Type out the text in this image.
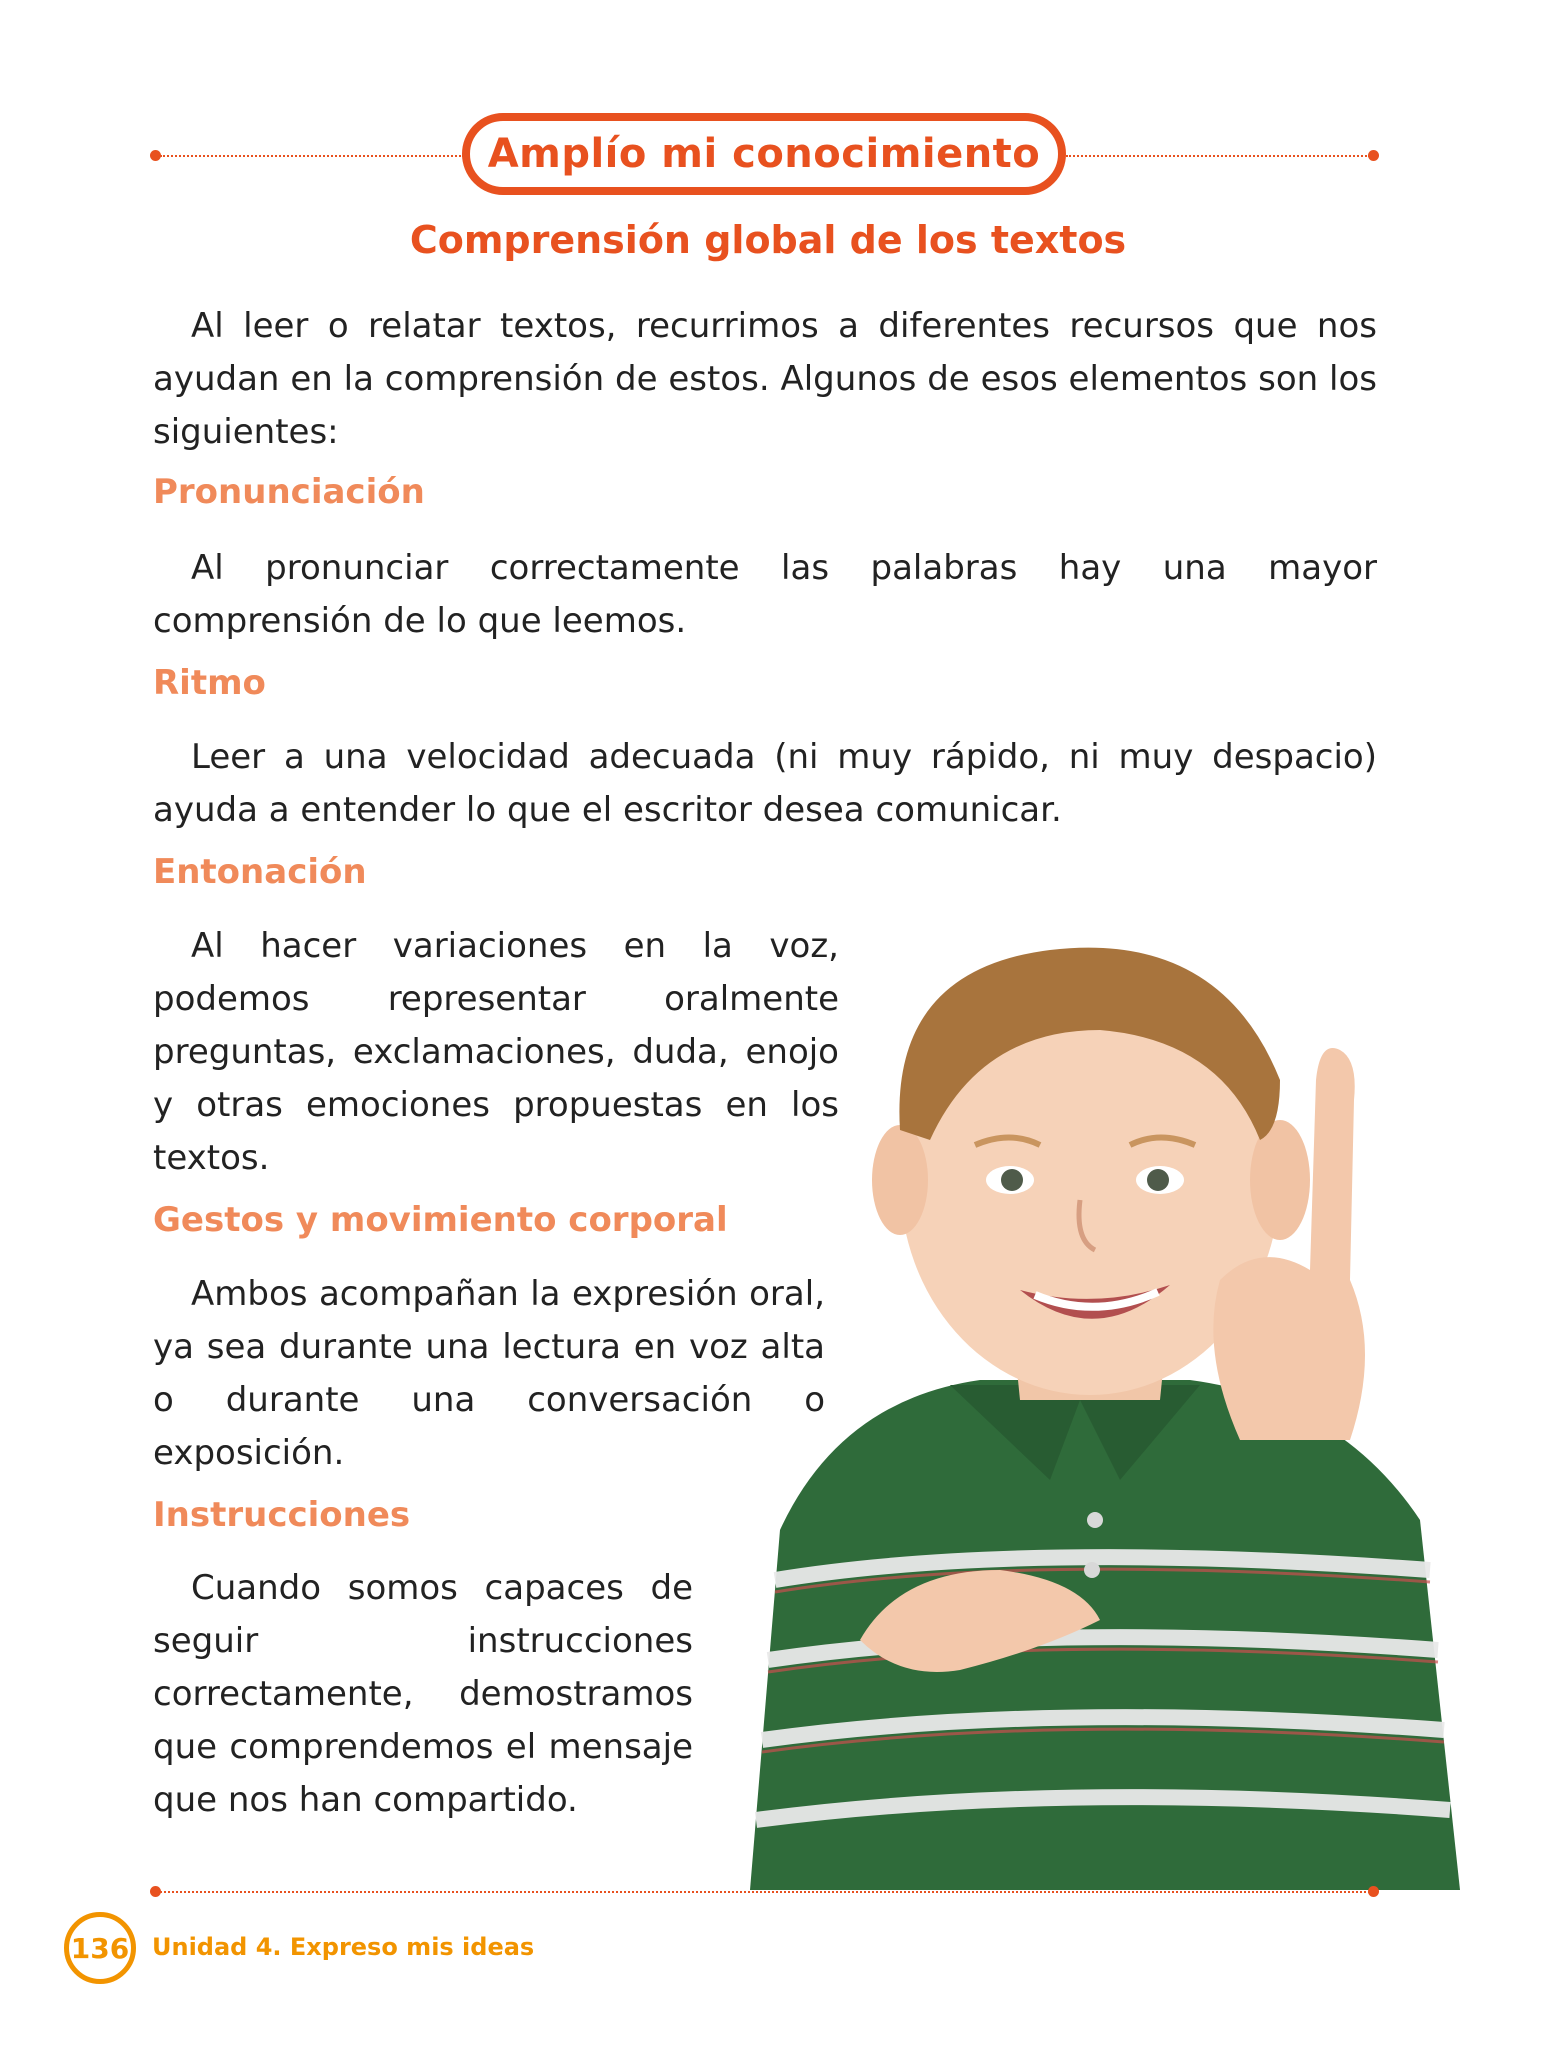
Amplío mi conocimiento
Comprensión global de los textos
Al leer o relatar textos, recurrimos a diferentes recursos que nos ayudan en la comprensión de estos. Algunos de esos elementos son los siguientes:
Pronunciación
Al pronunciar correctamente las palabras hay una mayor comprensión de lo que leemos.
Ritmo
Leer a una velocidad adecuada (ni muy rápido, ni muy despacio) ayuda a entender lo que el escritor desea comunicar.
Entonación
Al hacer variaciones en la voz, podemos representar oralmente preguntas, exclamaciones, duda, enojo y otras emociones propuestas en los textos.
Gestos y movimiento corporal
Ambos acompañan la expresión oral, ya sea durante una lectura en voz alta o durante una conversación o exposición.
Instrucciones
Cuando somos capaces de seguir instrucciones correctamente, demostramos que comprendemos el mensaje que nos han compartido.
136 Unidad 4. Expreso mis ideas
